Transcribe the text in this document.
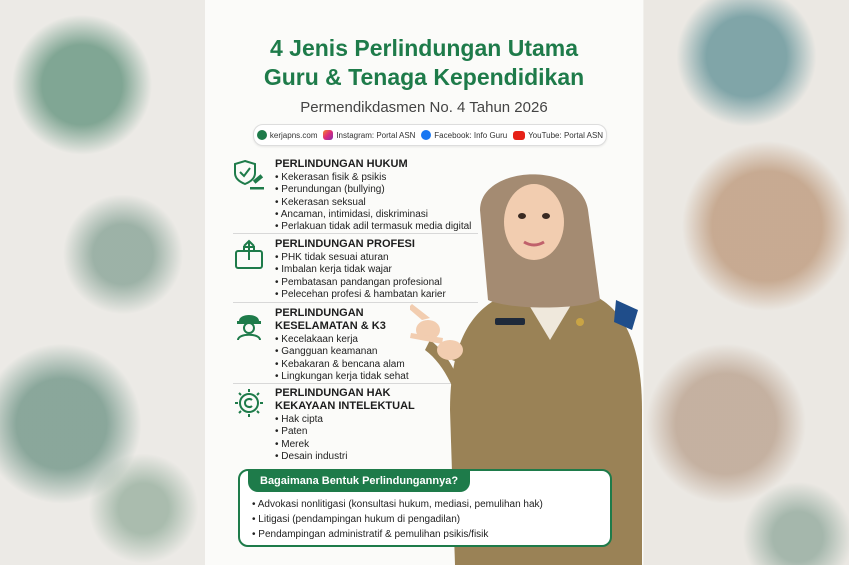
4 Jenis Perlindungan Utama
Guru & Tenaga Kependidikan

Permendikdasmen No. 4 Tahun 2026

kerjapns.com Instagram: Portal ASN Facebook: Info Guru	YouTube: Portal ASN

PERLINDUNGAN HUKUM

• Kekerasan fisik & psikis
• Perundungan (bullying)
• Kekerasan seksual
• Ancaman, intimidasi, diskriminasi
• Perlakuan tidak adil termasuk media digital

PERLINDUNGAN PROFESI

• PHK tidak sesuai aturan
• Imbalan kerja tidak wajar
• Pembatasan pandangan profesional
• Pelecehan profesi & hambatan karier

PERLINDUNGAN
KESELAMATAN & K3

• Kecelakaan kerja
• Gangguan keamanan
• Kebakaran & bencana alam
• Lingkungan kerja tidak sehat

PERLINDUNGAN HAK
KEKAYAAN INTELEKTUAL

• Hak cipta
• Paten
• Merek
• Desain industri
Bagaimana Bentuk Perlindungannya?
• Advokasi nonlitigasi (konsultasi hukum, mediasi, pemulihan hak)
• Litigasi (pendampingan hukum di pengadilan)
• Pendampingan administratif & pemulihan psikis/fisik
